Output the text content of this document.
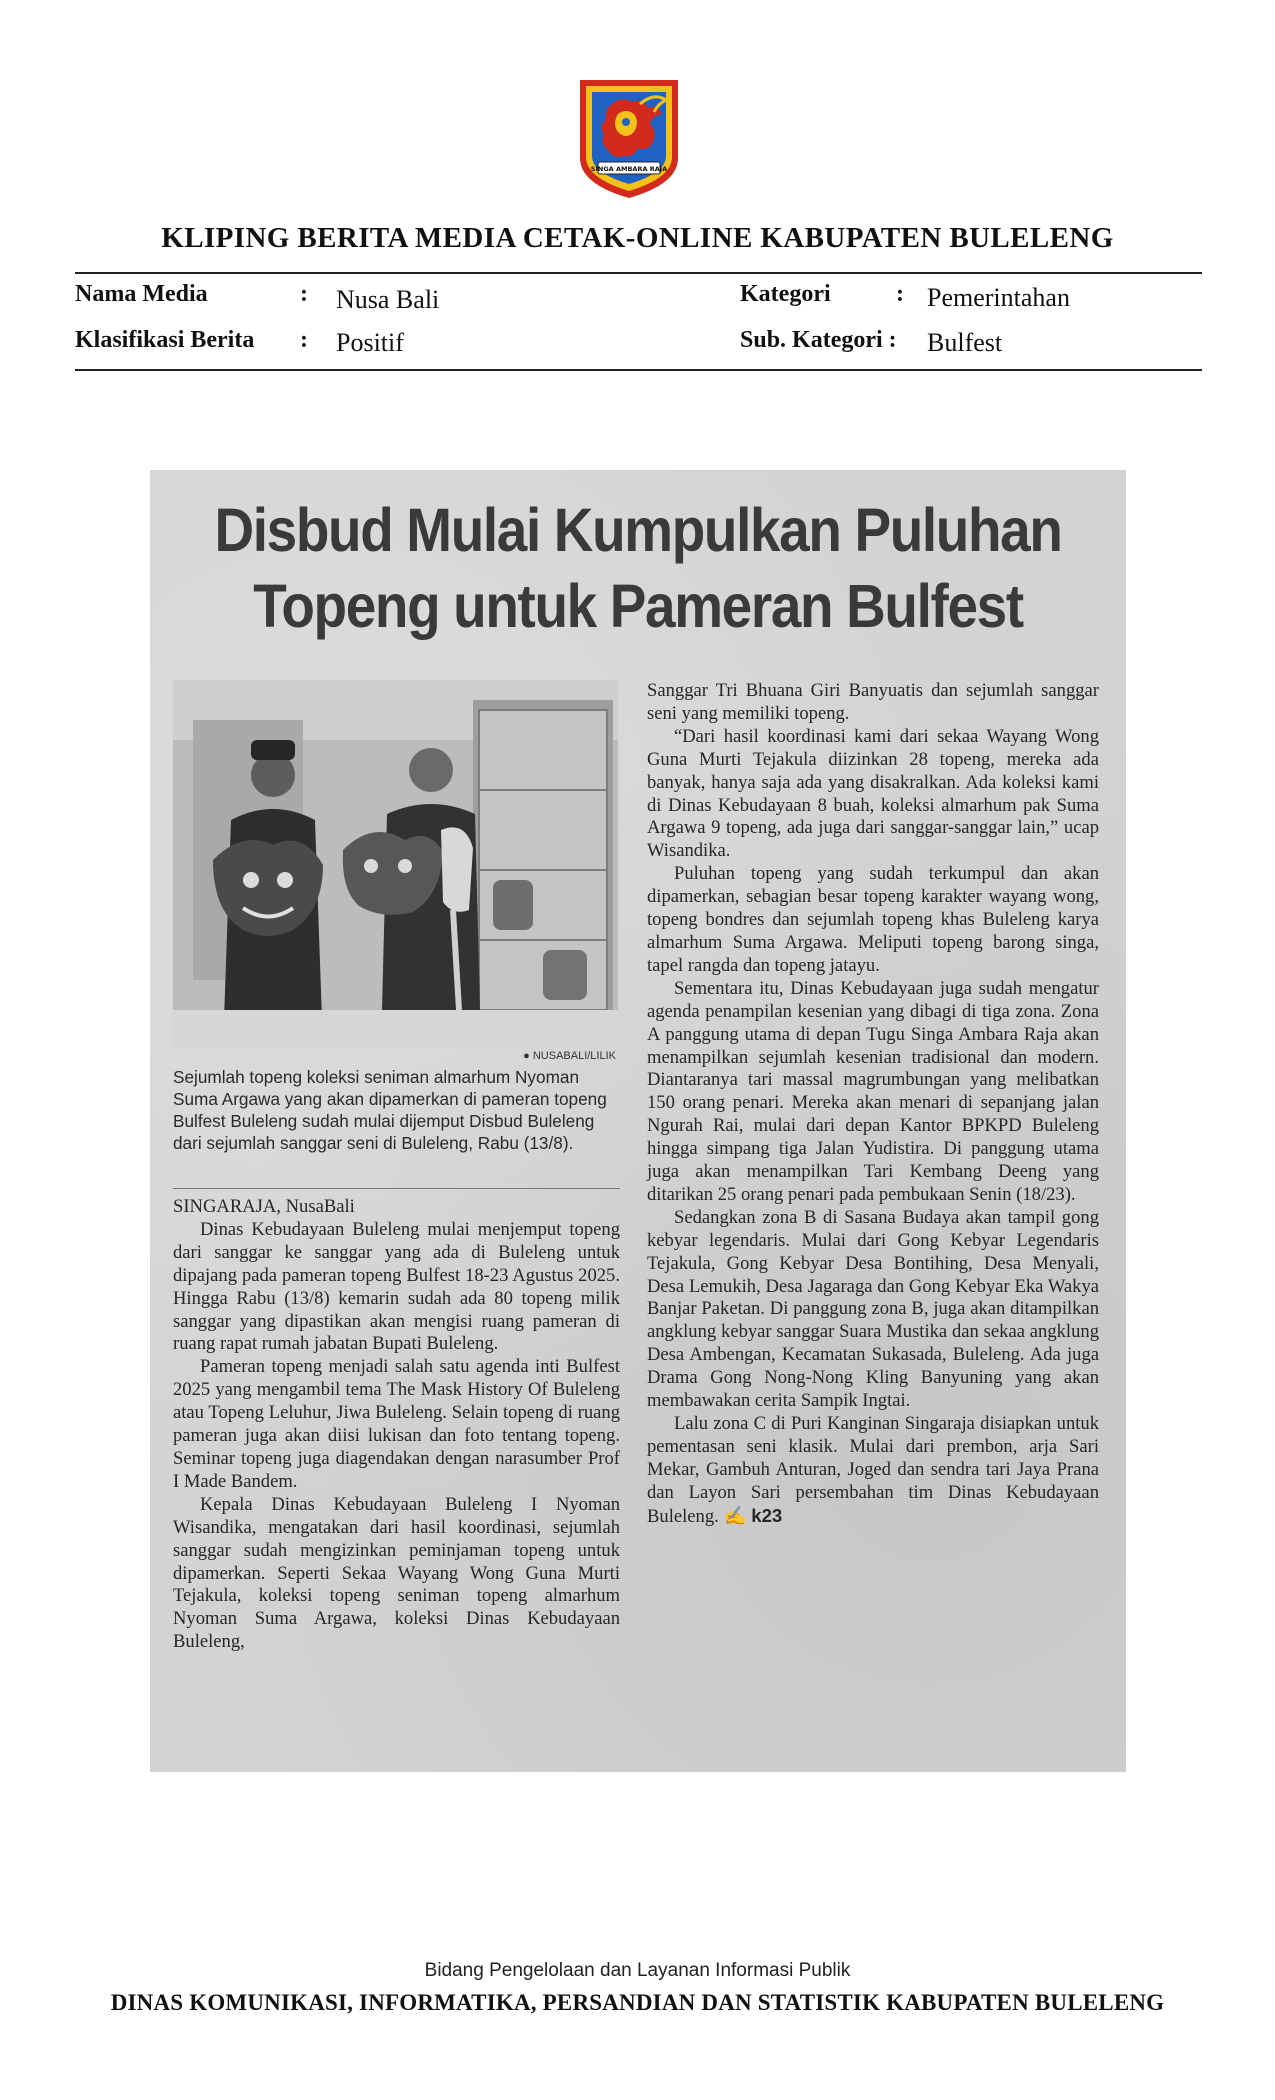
SINGA AMBARA RAJA
KLIPING BERITA MEDIA CETAK-ONLINE KABUPATEN BULELENG
Nama Media	: Nusa Bali	Kategori	: Pemerintahan
Klasifikasi Berita : Positif	Sub. Kategori : Bulfest
Disbud Mulai Kumpulkan Puluhan
Topeng untuk Pameran Bulfest
● NUSABALI/LILIK
Sejumlah topeng koleksi seniman almarhum Nyoman Suma Argawa yang akan dipamerkan di pameran topeng Bulfest Buleleng sudah mulai dijemput Disbud Buleleng dari sejumlah sanggar seni di Buleleng, Rabu (13/8).

SINGARAJA, NusaBali

Dinas Kebudayaan Buleleng mulai menjemput topeng dari sanggar ke sanggar yang ada di Buleleng untuk dipajang pada pameran topeng Bulfest 18-23 Agustus 2025. Hingga Rabu (13/8) kemarin sudah ada 80 topeng milik sanggar yang dipastikan akan mengisi ruang pameran di ruang rapat rumah jabatan Bupati Buleleng.

Pameran topeng menjadi salah satu agenda inti Bulfest 2025 yang mengambil tema The Mask History Of Buleleng atau Topeng Leluhur, Jiwa Buleleng. Selain topeng di ruang pameran juga akan diisi lukisan dan foto tentang topeng. Seminar topeng juga diagendakan dengan narasumber Prof I Made Bandem.

Kepala Dinas Kebudayaan Buleleng I Nyoman Wisandika, mengatakan dari hasil koordinasi, sejumlah sanggar sudah mengizinkan peminjaman topeng untuk dipamerkan. Seperti Sekaa Wayang Wong Guna Murti Tejakula, koleksi topeng seniman topeng almarhum Nyoman Suma Argawa, koleksi Dinas Kebudayaan Buleleng,

Sanggar Tri Bhuana Giri Banyuatis dan sejumlah sanggar seni yang memiliki topeng.

“Dari hasil koordinasi kami dari sekaa Wayang Wong Guna Murti Tejakula diizinkan 28 topeng, mereka ada banyak, hanya saja ada yang disakralkan. Ada koleksi kami di Dinas Kebudayaan 8 buah, koleksi almarhum pak Suma Argawa 9 topeng, ada juga dari sanggar-sanggar lain,” ucap Wisandika.

Puluhan topeng yang sudah terkumpul dan akan dipamerkan, sebagian besar topeng karakter wayang wong, topeng bondres dan sejumlah topeng khas Buleleng karya almarhum Suma Argawa. Meliputi topeng barong singa, tapel rangda dan topeng jatayu.

Sementara itu, Dinas Kebudayaan juga sudah mengatur agenda penampilan kesenian yang dibagi di tiga zona. Zona A panggung utama di depan Tugu Singa Ambara Raja akan menampilkan sejumlah kesenian tradisional dan modern. Diantaranya tari massal magrumbungan yang melibatkan 150 orang penari. Mereka akan menari di sepanjang jalan Ngurah Rai, mulai dari depan Kantor BPKPD Buleleng hingga simpang tiga Jalan Yudistira. Di panggung utama juga akan menampilkan Tari Kembang Deeng yang ditarikan 25 orang penari pada pembukaan Senin (18/23).

Sedangkan zona B di Sasana Budaya akan tampil gong kebyar legendaris. Mulai dari Gong Kebyar Legendaris Tejakula, Gong Kebyar Desa Bontihing, Desa Menyali, Desa Lemukih, Desa Jagaraga dan Gong Kebyar Eka Wakya Banjar Paketan. Di panggung zona B, juga akan ditampilkan angklung kebyar sanggar Suara Mustika dan sekaa angklung Desa Ambengan, Kecamatan Sukasada, Buleleng. Ada juga Drama Gong Nong-Nong Kling Banyuning yang akan membawakan cerita Sampik Ingtai.

Lalu zona C di Puri Kanginan Singaraja disiapkan untuk pementasan seni klasik. Mulai dari prembon, arja Sari Mekar, Gambuh Anturan, Joged dan sendra tari Jaya Prana dan Layon Sari persembahan tim Dinas Kebudayaan Buleleng. ✍ k23

Bidang Pengelolaan dan Layanan Informasi Publik
DINAS KOMUNIKASI, INFORMATIKA, PERSANDIAN DAN STATISTIK KABUPATEN BULELENG
